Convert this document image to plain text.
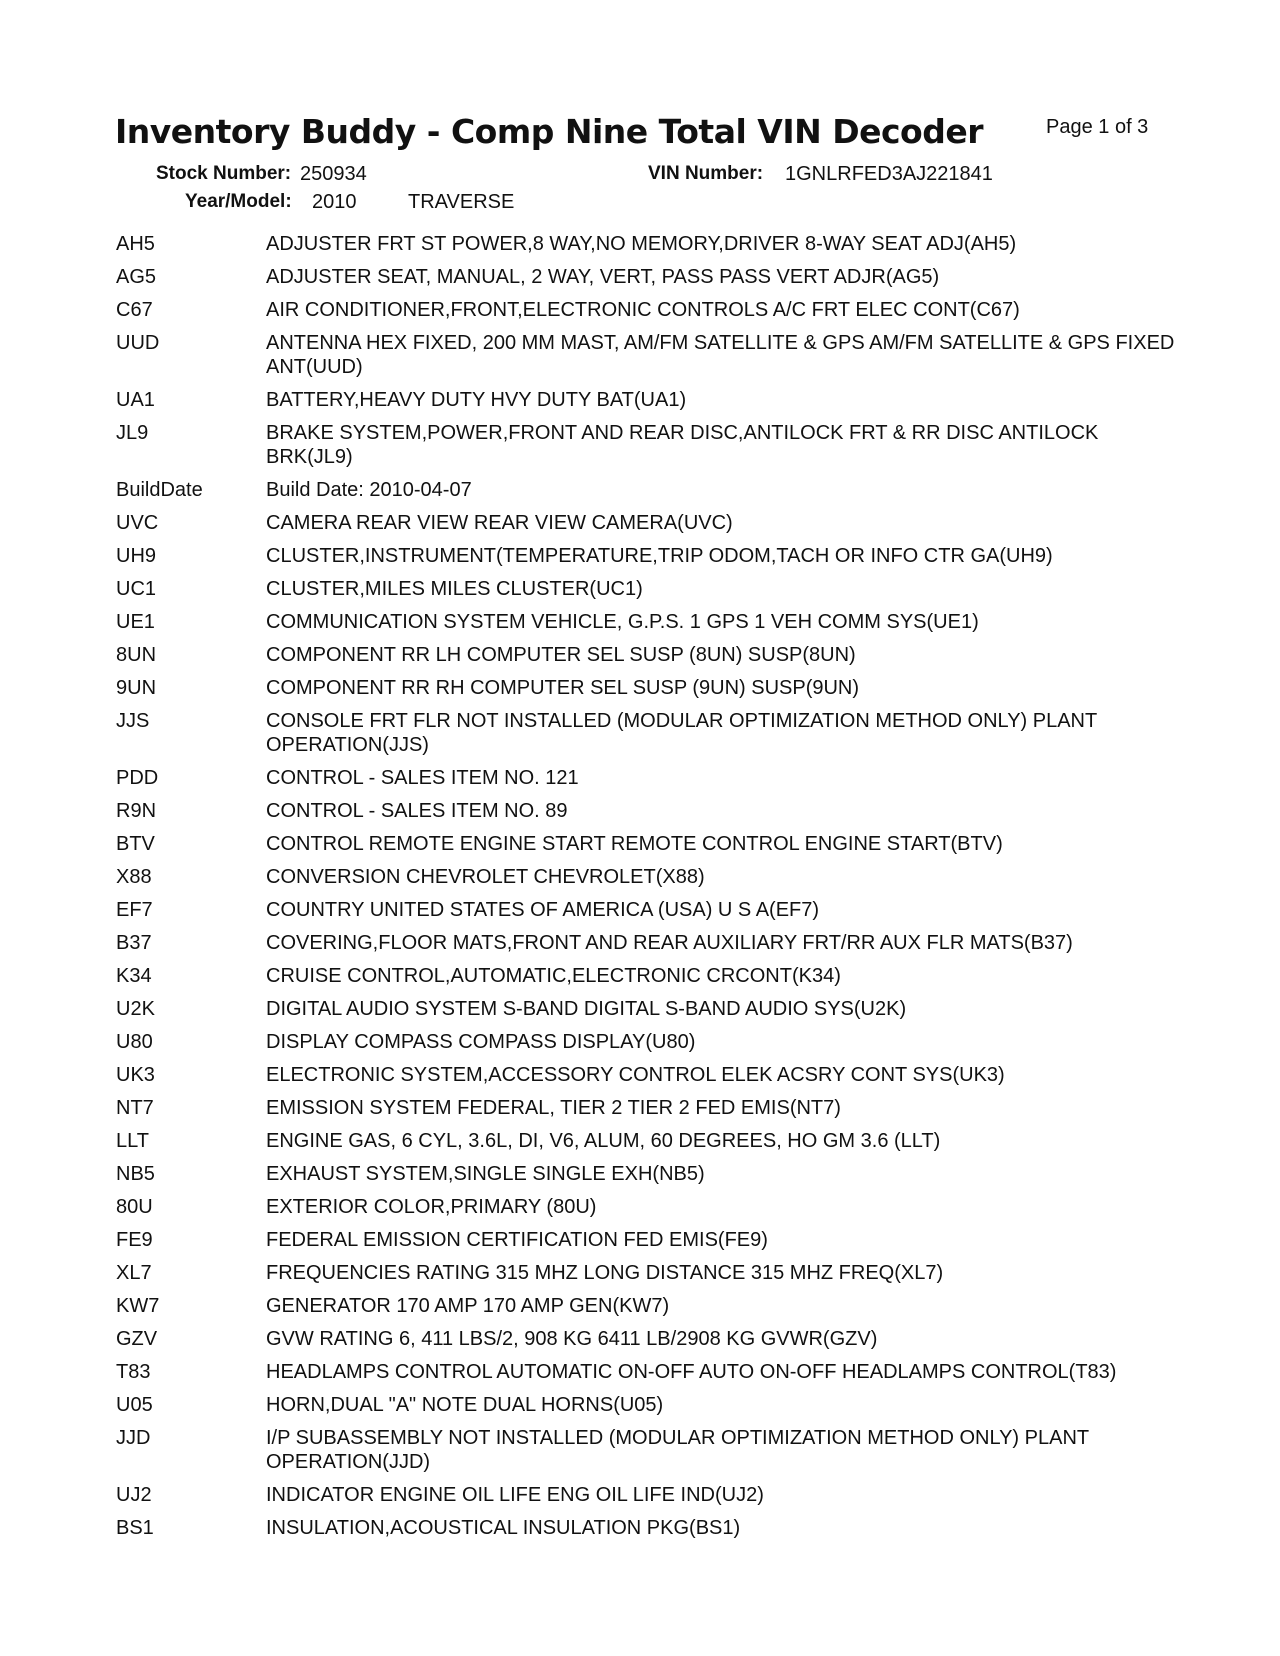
Inventory Buddy - Comp Nine Total VIN Decoder	Page 1 of 3
Stock Number: 250934	VIN Number: 1GNLRFED3AJ221841
Year/Model: 2010	TRAVERSE
AH5	ADJUSTER FRT ST POWER,8 WAY,NO MEMORY,DRIVER 8-WAY SEAT ADJ(AH5)
AG5	ADJUSTER SEAT, MANUAL, 2 WAY, VERT, PASS PASS VERT ADJR(AG5)
C67	AIR CONDITIONER,FRONT,ELECTRONIC CONTROLS A/C FRT ELEC CONT(C67)
UUD	ANTENNA HEX FIXED, 200 MM MAST, AM/FM SATELLITE & GPS AM/FM SATELLITE & GPS FIXED ANT(UUD)
UA1	BATTERY,HEAVY DUTY HVY DUTY BAT(UA1)
JL9	BRAKE SYSTEM,POWER,FRONT AND REAR DISC,ANTILOCK FRT & RR DISC ANTILOCK BRK(JL9)
BuildDate	Build Date: 2010-04-07
UVC	CAMERA REAR VIEW REAR VIEW CAMERA(UVC)
UH9	CLUSTER,INSTRUMENT(TEMPERATURE,TRIP ODOM,TACH OR INFO CTR GA(UH9)
UC1	CLUSTER,MILES MILES CLUSTER(UC1)
UE1	COMMUNICATION SYSTEM VEHICLE, G.P.S. 1 GPS 1 VEH COMM SYS(UE1)
8UN	COMPONENT RR LH COMPUTER SEL SUSP (8UN) SUSP(8UN)
9UN	COMPONENT RR RH COMPUTER SEL SUSP (9UN) SUSP(9UN)
JJS	CONSOLE FRT FLR NOT INSTALLED (MODULAR OPTIMIZATION METHOD ONLY) PLANT OPERATION(JJS)
PDD	CONTROL - SALES ITEM NO. 121
R9N	CONTROL - SALES ITEM NO. 89
BTV	CONTROL REMOTE ENGINE START REMOTE CONTROL ENGINE START(BTV)
X88	CONVERSION CHEVROLET CHEVROLET(X88)
EF7	COUNTRY UNITED STATES OF AMERICA (USA) U S A(EF7)
B37	COVERING,FLOOR MATS,FRONT AND REAR AUXILIARY FRT/RR AUX FLR MATS(B37)
K34	CRUISE CONTROL,AUTOMATIC,ELECTRONIC CRCONT(K34)
U2K	DIGITAL AUDIO SYSTEM S-BAND DIGITAL S-BAND AUDIO SYS(U2K)
U80	DISPLAY COMPASS COMPASS DISPLAY(U80)
UK3	ELECTRONIC SYSTEM,ACCESSORY CONTROL ELEK ACSRY CONT SYS(UK3)
NT7	EMISSION SYSTEM FEDERAL, TIER 2 TIER 2 FED EMIS(NT7)
LLT	ENGINE GAS, 6 CYL, 3.6L, DI, V6, ALUM, 60 DEGREES, HO GM 3.6 (LLT)
NB5	EXHAUST SYSTEM,SINGLE SINGLE EXH(NB5)
80U	EXTERIOR COLOR,PRIMARY (80U)
FE9	FEDERAL EMISSION CERTIFICATION FED EMIS(FE9)
XL7	FREQUENCIES RATING 315 MHZ LONG DISTANCE 315 MHZ FREQ(XL7)
KW7	GENERATOR 170 AMP 170 AMP GEN(KW7)
GZV	GVW RATING 6, 411 LBS/2, 908 KG 6411 LB/2908 KG GVWR(GZV)
T83	HEADLAMPS CONTROL AUTOMATIC ON-OFF AUTO ON-OFF HEADLAMPS CONTROL(T83)
U05	HORN,DUAL "A" NOTE DUAL HORNS(U05)
JJD	I/P SUBASSEMBLY NOT INSTALLED (MODULAR OPTIMIZATION METHOD ONLY) PLANT OPERATION(JJD)
UJ2	INDICATOR ENGINE OIL LIFE ENG OIL LIFE IND(UJ2)
BS1	INSULATION,ACOUSTICAL INSULATION PKG(BS1)
